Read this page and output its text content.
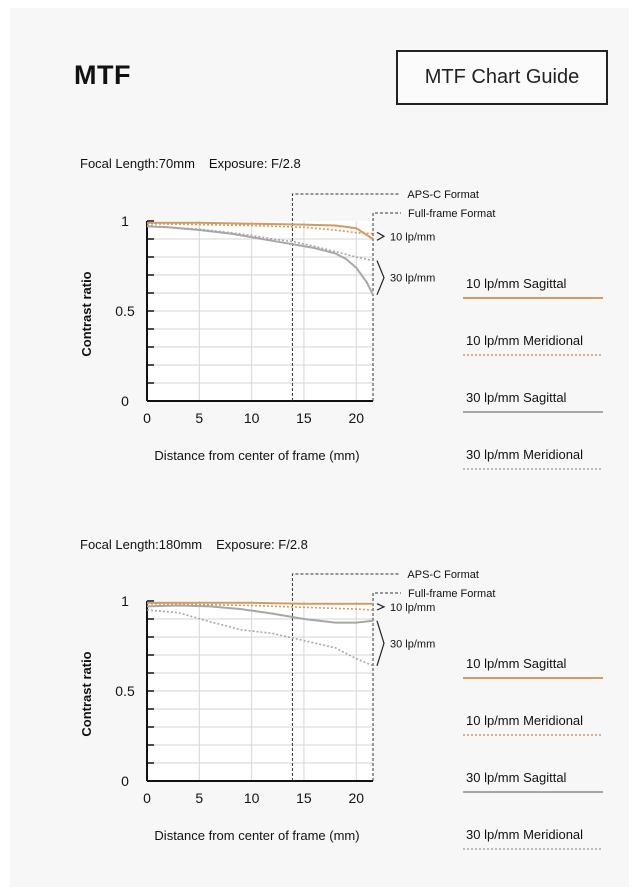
MTF	MTF Chart Guide
Focal Length:70mm Exposure: F/2.8
0
0.5
1
0	5	10	15	20
Distance from center of frame (mm)
Contrast ratio
APS-C Format
Full-frame Format
10 lp/mm
30 lp/mm 10 lp/mm Sagittal
10 lp/mm Meridional
30 lp/mm Sagittal
30 lp/mm Meridional
Focal Length:180mm Exposure: F/2.8
0
0.5
1
0	5	10	15	20
Distance from center of frame (mm)
Contrast ratio
APS-C Format
Full-frame Format
10 lp/mm
30 lp/mm
10 lp/mm Sagittal
10 lp/mm Meridional
30 lp/mm Sagittal
30 lp/mm Meridional
